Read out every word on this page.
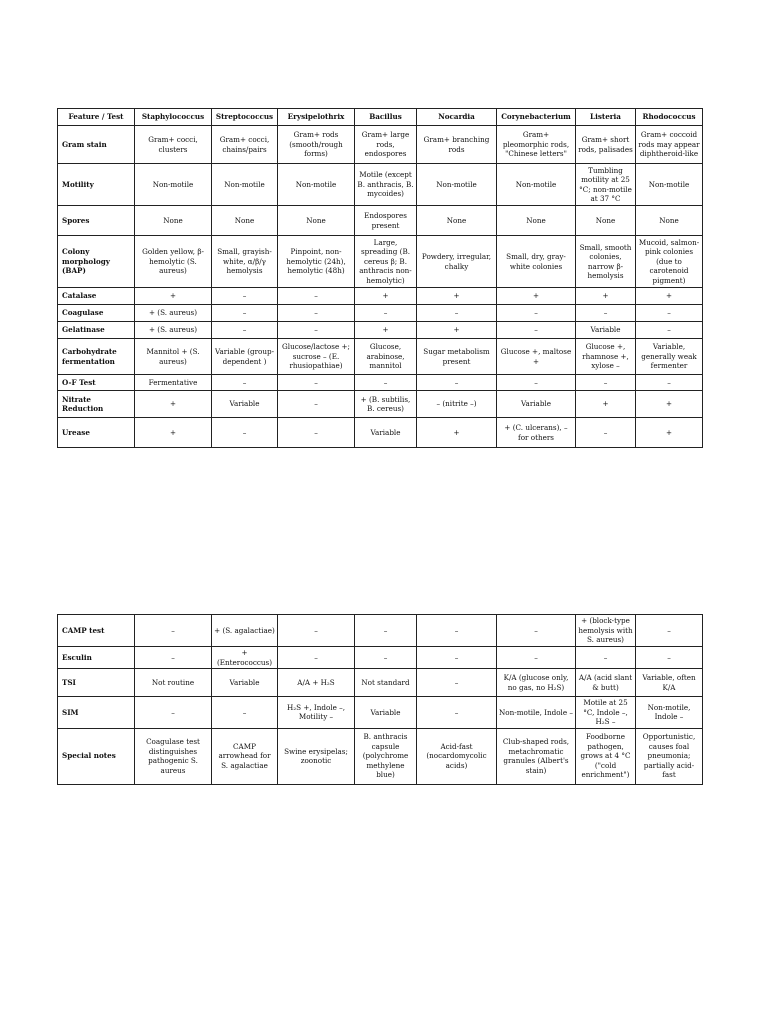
Feature / Test	Staphylococcus	Streptococcus	Erysipelothrix	Bacillus	Nocardia	Corynebacterium	Listeria	Rhodococcus
Gram stain	Gram+ cocci, clusters	Gram+ cocci, chains/pairs	Gram+ rods (smooth/rough forms)	Gram+ large rods, endospores	Gram+ branching rods	Gram+ pleomorphic rods, "Chinese letters"	Gram+ short rods, palisades	Gram+ coccoid rods may appear diphtheroid-like
Motility	Non-motile	Non-motile	Non-motile	Motile (except B. anthracis, B. mycoides)	Non-motile	Non-motile	Tumbling motility at 25 °C; non-motile at 37 °C	Non-motile
Spores	None	None	None	Endospores present	None	None	None	None
Colony morphology (BAP)	Golden yellow, β-hemolytic (S. aureus)	Small, grayish-white, α/β/γ hemolysis	Pinpoint, non-hemolytic (24h), hemolytic (48h)	Large, spreading (B. cereus β; B. anthracis non-hemolytic)	Powdery, irregular, chalky	Small, dry, gray-white colonies	Small, smooth colonies, narrow β-hemolysis	Mucoid, salmon-pink colonies (due to carotenoid pigment)
Catalase	+	–	–	+	+	+	+	+
Coagulase	+ (S. aureus)	–	–	–	–	–	–	–
Gelatinase	+ (S. aureus)	–	–	+	+	–	Variable	–
Carbohydrate fermentation	Mannitol + (S. aureus)	Variable (group-dependent )	Glucose/lactose +; sucrose – (E. rhusiopathiae)	Glucose, arabinose, mannitol	Sugar metabolism present	Glucose +, maltose +	Glucose +, rhamnose +, xylose –	Variable, generally weak fermenter
O-F Test	Fermentative	–	–	–	–	–	–	–
Nitrate Reduction	+	Variable	–	+ (B. subtilis, B. cereus)	– (nitrite –)	Variable	+	+
Urease	+	–	–	Variable	+	+ (C. ulcerans), – for others	–	+
CAMP test	–	+ (S. agalactiae)	–	–	–	–	+ (block-type hemolysis with S. aureus)	–
Esculin	–	+ (Enterococcus)	–	–	–	–	–	–
TSI	Not routine	Variable	A/A + H₂S	Not standard	–	K/A (glucose only, no gas, no H₂S)	A/A (acid slant & butt)	Variable, often K/A
SIM	–	–	H₂S +, Indole –, Motility –	Variable	–	Non-motile, Indole –	Motile at 25 °C, Indole –, H₂S –	Non-motile, Indole –
Special notes	Coagulase test distinguishes pathogenic S. aureus	CAMP arrowhead for S. agalactiae	Swine erysipelas; zoonotic	B. anthracis capsule (polychrome methylene blue)	Acid-fast (nocardomycolic acids)	Club-shaped rods, metachromatic granules (Albert's stain)	Foodborne pathogen, grows at 4 °C ("cold enrichment")	Opportunistic, causes foal pneumonia; partially acid-fast
